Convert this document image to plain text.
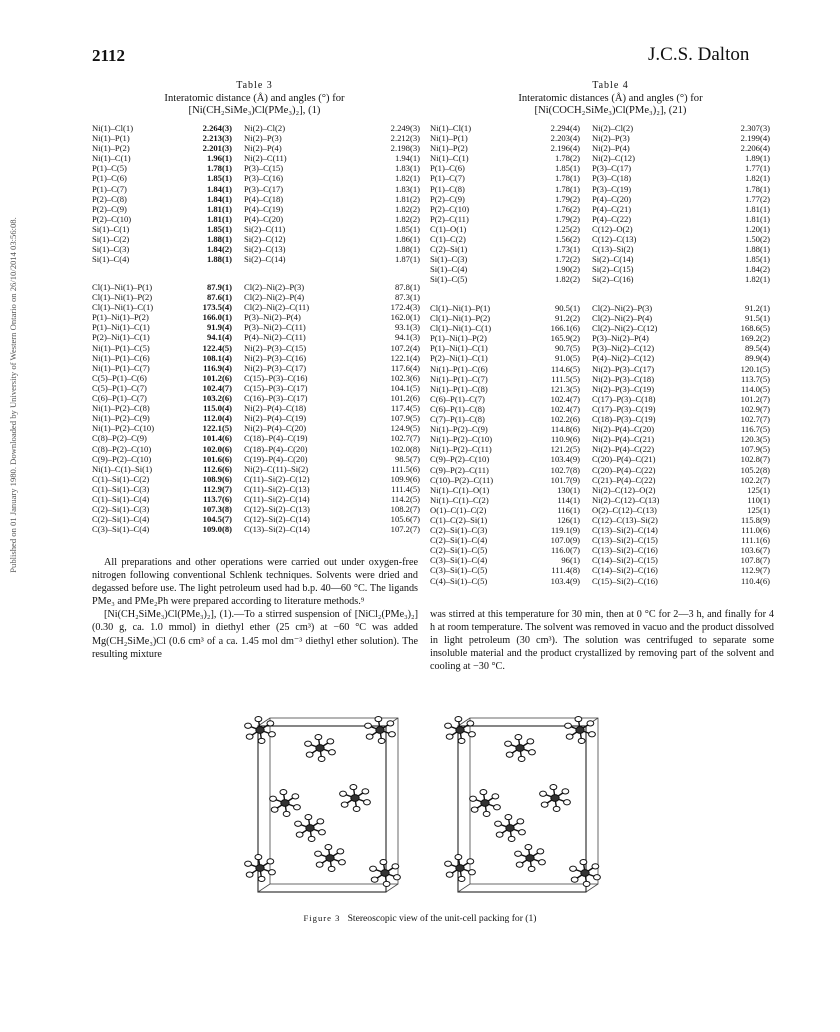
2112	J.C.S. Dalton
Published on 01 January 1980. Downloaded by University of Western Ontario on 26/10/2014 03:56:08.
Table 3
Interatomic distance (Å) and angles (°) for
[Ni(CH₂SiMe₃)Cl(PMe₃)₂], (1)
Ni(1)–Cl(1)	2.264(3)	Ni(2)–Cl(2)	2.249(3)
Ni(1)–P(1)	2.213(3)	Ni(2)–P(3)	2.212(3)
Ni(1)–P(2)	2.201(3)	Ni(2)–P(4)	2.198(3)
Ni(1)–C(1)	1.96(1)	Ni(2)–C(11)	1.94(1)
P(1)–C(5)	1.78(1)	P(3)–C(15)	1.83(1)
P(1)–C(6)	1.85(1)	P(3)–C(16)	1.82(1)
P(1)–C(7)	1.84(1)	P(3)–C(17)	1.83(1)
P(2)–C(8)	1.84(1)	P(4)–C(18)	1.81(2)
P(2)–C(9)	1.81(1)	P(4)–C(19)	1.82(2)
P(2)–C(10)	1.81(1)	P(4)–C(20)	1.82(2)
Si(1)–C(1)	1.85(1)	Si(2)–C(11)	1.85(1)
Si(1)–C(2)	1.88(1)	Si(2)–C(12)	1.86(1)
Si(1)–C(3)	1.84(2)	Si(2)–C(13)	1.88(1)
Si(1)–C(4)	1.88(1)	Si(2)–C(14)	1.87(1)
Cl(1)–Ni(1)–P(1)	87.9(1)	Cl(2)–Ni(2)–P(3)	87.8(1)
Cl(1)–Ni(1)–P(2)	87.6(1)	Cl(2)–Ni(2)–P(4)	87.3(1)
Cl(1)–Ni(1)–C(1)	173.5(4)	Cl(2)–Ni(2)–C(11)	172.4(3)
P(1)–Ni(1)–P(2)	166.0(1)	P(3)–Ni(2)–P(4)	162.0(1)
P(1)–Ni(1)–C(1)	91.9(4)	P(3)–Ni(2)–C(11)	93.1(3)
P(2)–Ni(1)–C(1)	94.1(4)	P(4)–Ni(2)–C(11)	94.1(3)
Ni(1)–P(1)–C(5)	122.4(5)	Ni(2)–P(3)–C(15)	107.2(4)
Ni(1)–P(1)–C(6)	108.1(4)	Ni(2)–P(3)–C(16)	122.1(4)
Ni(1)–P(1)–C(7)	116.9(4)	Ni(2)–P(3)–C(17)	117.6(4)
C(5)–P(1)–C(6)	101.2(6)	C(15)–P(3)–C(16)	102.3(6)
C(5)–P(1)–C(7)	102.4(7)	C(15)–P(3)–C(17)	104.1(5)
C(6)–P(1)–C(7)	103.2(6)	C(16)–P(3)–C(17)	101.2(6)
Ni(1)–P(2)–C(8)	115.0(4)	Ni(2)–P(4)–C(18)	117.4(5)
Ni(1)–P(2)–C(9)	112.0(4)	Ni(2)–P(4)–C(19)	107.9(5)
Ni(1)–P(2)–C(10)	122.1(5)	Ni(2)–P(4)–C(20)	124.9(5)
C(8)–P(2)–C(9)	101.4(6)	C(18)–P(4)–C(19)	102.7(7)
C(8)–P(2)–C(10)	102.0(6)	C(18)–P(4)–C(20)	102.0(8)
C(9)–P(2)–C(10)	101.6(6)	C(19)–P(4)–C(20)	98.5(7)
Ni(1)–C(1)–Si(1)	112.6(6)	Ni(2)–C(11)–Si(2)	111.5(6)
C(1)–Si(1)–C(2)	108.9(6)	C(11)–Si(2)–C(12)	109.9(6)
C(1)–Si(1)–C(3)	112.9(7)	C(11)–Si(2)–C(13)	111.4(5)
C(1)–Si(1)–C(4)	113.7(6)	C(11)–Si(2)–C(14)	114.2(5)
C(2)–Si(1)–C(3)	107.3(8)	C(12)–Si(2)–C(13)	108.2(7)
C(2)–Si(1)–C(4)	104.5(7)	C(12)–Si(2)–C(14)	105.6(7)
C(3)–Si(1)–C(4)	109.0(8)	C(13)–Si(2)–C(14)	107.2(7)
Table 4
Interatomic distances (Å) and angles (°) for
[Ni(COCH₂SiMe₃)Cl(PMe₃)₂], (21)
Ni(1)–Cl(1)	2.294(4)	Ni(2)–Cl(2)	2.307(3)
Ni(1)–P(1)	2.203(4)	Ni(2)–P(3)	2.199(4)
Ni(1)–P(2)	2.196(4)	Ni(2)–P(4)	2.206(4)
Ni(1)–C(1)	1.78(2)	Ni(2)–C(12)	1.89(1)
P(1)–C(6)	1.85(1)	P(3)–C(17)	1.77(1)
P(1)–C(7)	1.78(1)	P(3)–C(18)	1.82(1)
P(1)–C(8)	1.78(1)	P(3)–C(19)	1.78(1)
P(2)–C(9)	1.79(2)	P(4)–C(20)	1.77(2)
P(2)–C(10)	1.76(2)	P(4)–C(21)	1.81(1)
P(2)–C(11)	1.79(2)	P(4)–C(22)	1.81(1)
C(1)–O(1)	1.25(2)	C(12)–O(2)	1.20(1)
C(1)–C(2)	1.56(2)	C(12)–C(13)	1.50(2)
C(2)–Si(1)	1.73(1)	C(13)–Si(2)	1.88(1)
Si(1)–C(3)	1.72(2)	Si(2)–C(14)	1.85(1)
Si(1)–C(4)	1.90(2)	Si(2)–C(15)	1.84(2)
Si(1)–C(5)	1.82(2)	Si(2)–C(16)	1.82(1)
Cl(1)–Ni(1)–P(1)	90.5(1)	Cl(2)–Ni(2)–P(3)	91.2(1)
Cl(1)–Ni(1)–P(2)	91.2(2)	Cl(2)–Ni(2)–P(4)	91.5(1)
Cl(1)–Ni(1)–C(1)	166.1(6)	Cl(2)–Ni(2)–C(12)	168.6(5)
P(1)–Ni(1)–P(2)	165.9(2)	P(3)–Ni(2)–P(4)	169.2(2)
P(1)–Ni(1)–C(1)	90.7(5)	P(3)–Ni(2)–C(12)	89.5(4)
P(2)–Ni(1)–C(1)	91.0(5)	P(4)–Ni(2)–C(12)	89.9(4)
Ni(1)–P(1)–C(6)	114.6(5)	Ni(2)–P(3)–C(17)	120.1(5)
Ni(1)–P(1)–C(7)	111.5(5)	Ni(2)–P(3)–C(18)	113.7(5)
Ni(1)–P(1)–C(8)	121.3(5)	Ni(2)–P(3)–C(19)	114.0(5)
C(6)–P(1)–C(7)	102.4(7)	C(17)–P(3)–C(18)	101.2(7)
C(6)–P(1)–C(8)	102.4(7)	C(17)–P(3)–C(19)	102.9(7)
C(7)–P(1)–C(8)	102.2(6)	C(18)–P(3)–C(19)	102.7(7)
Ni(1)–P(2)–C(9)	114.8(6)	Ni(2)–P(4)–C(20)	116.7(5)
Ni(1)–P(2)–C(10)	110.9(6)	Ni(2)–P(4)–C(21)	120.3(5)
Ni(1)–P(2)–C(11)	121.2(5)	Ni(2)–P(4)–C(22)	107.9(5)
C(9)–P(2)–C(10)	103.4(9)	C(20)–P(4)–C(21)	102.8(7)
C(9)–P(2)–C(11)	102.7(8)	C(20)–P(4)–C(22)	105.2(8)
C(10)–P(2)–C(11)	101.7(9)	C(21)–P(4)–C(22)	102.2(7)
Ni(1)–C(1)–O(1)	130(1)	Ni(2)–C(12)–O(2)	125(1)
Ni(1)–C(1)–C(2)	114(1)	Ni(2)–C(12)–C(13)	110(1)
O(1)–C(1)–C(2)	116(1)	O(2)–C(12)–C(13)	125(1)
C(1)–C(2)–Si(1)	126(1)	C(12)–C(13)–Si(2)	115.8(9)
C(2)–Si(1)–C(3)	119.1(9)	C(13)–Si(2)–C(14)	111.0(6)
C(2)–Si(1)–C(4)	107.0(9)	C(13)–Si(2)–C(15)	111.1(6)
C(2)–Si(1)–C(5)	116.0(7)	C(13)–Si(2)–C(16)	103.6(7)
C(3)–Si(1)–C(4)	96(1)	C(14)–Si(2)–C(15)	107.8(7)
C(3)–Si(1)–C(5)	111.4(8)	C(14)–Si(2)–C(16)	112.9(7)
C(4)–Si(1)–C(5)	103.4(9)	C(15)–Si(2)–C(16)	110.4(6)

All preparations and other operations were carried out under oxygen-free nitrogen following conventional Schlenk techniques. Solvents were dried and degassed before use. The light petroleum used had b.p. 40—60 °C. The ligands PMe₃ and PMe₂Ph were prepared according to literature methods.⁹

[Ni(CH₂SiMe₃)Cl(PMe₃)₂], (1).—To a stirred suspension of [NiCl₂(PMe₃)₂] (0.30 g, ca. 1.0 mmol) in diethyl ether (25 cm³) at −60 °C was added Mg(CH₂SiMe₃)Cl (0.6 cm³ of a ca. 1.45 mol dm⁻³ diethyl ether solution). The resulting mixture

was stirred at this temperature for 30 min, then at 0 °C for 2—3 h, and finally for 4 h at room temperature. The solvent was removed in vacuo and the product dissolved in light petroleum (30 cm³). The solution was centrifuged to separate some insoluble material and the product crystallized by removing part of the solvent and cooling at −30 °C.

Figure 3 Stereoscopic view of the unit-cell packing for (1)
